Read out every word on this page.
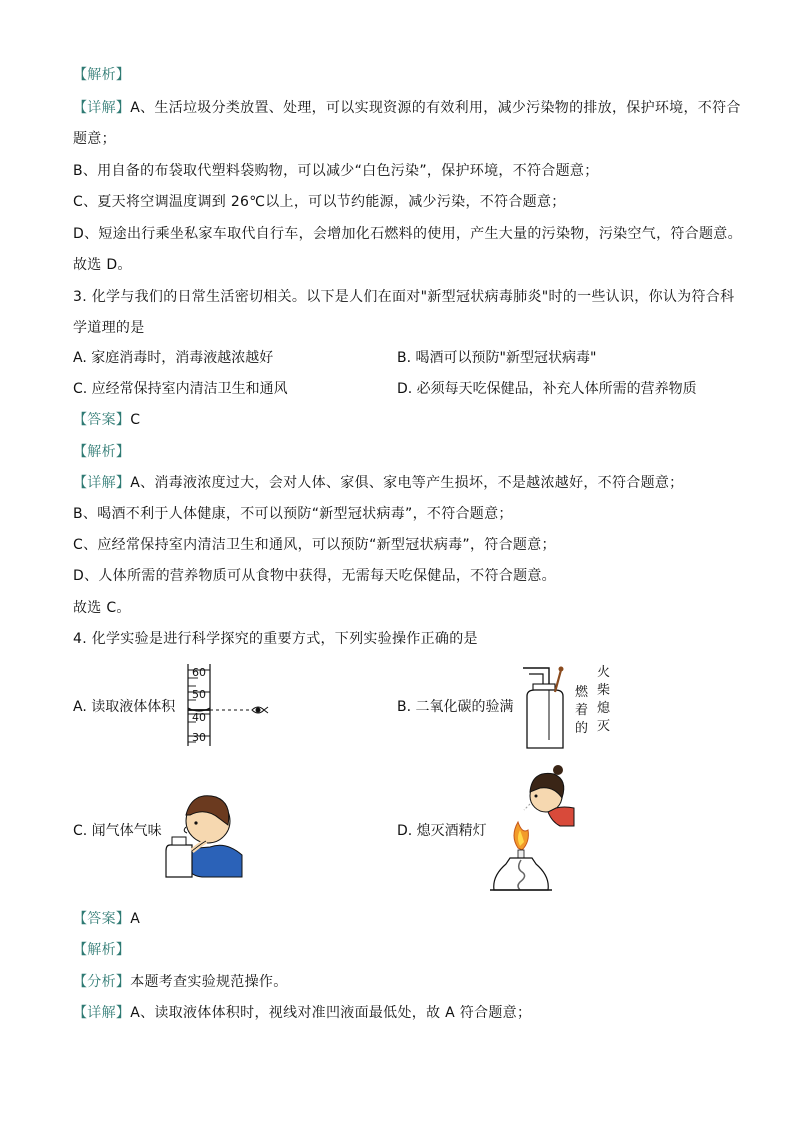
【解析】
【详解】A、生活垃圾分类放置、处理，可以实现资源的有效利用，减少污染物的排放，保护环境，不符合
题意；
B、用自备的布袋取代塑料袋购物，可以减少“白色污染”，保护环境，不符合题意；
C、夏天将空调温度调到 26℃以上，可以节约能源，减少污染，不符合题意；
D、短途出行乘坐私家车取代自行车，会增加化石燃料的使用，产生大量的污染物，污染空气，符合题意。
故选 D。
3. 化学与我们的日常生活密切相关。以下是人们在面对"新型冠状病毒肺炎"时的一些认识，你认为符合科
学道理的是
A. 家庭消毒时，消毒液越浓越好	B. 喝酒可以预防"新型冠状病毒"
C. 应经常保持室内清洁卫生和通风	D. 必须每天吃保健品，补充人体所需的营养物质
【答案】C
【解析】
【详解】A、消毒液浓度过大，会对人体、家俱、家电等产生损坏，不是越浓越好，不符合题意；
B、喝酒不利于人体健康，不可以预防“新型冠状病毒”，不符合题意；
C、应经常保持室内清洁卫生和通风，可以预防“新型冠状病毒”，符合题意；
D、人体所需的营养物质可从食物中获得，无需每天吃保健品，不符合题意。
故选 C。
4. 化学实验是进行科学探究的重要方式，下列实验操作正确的是
A. 读取液体体积
60
50
40
30
B. 二氧化碳的验满
火
柴
熄
灭
燃
着
的
C. 闻气体气味	D. 熄灭酒精灯
【答案】A
【解析】
【分析】本题考查实验规范操作。
【详解】A、读取液体体积时，视线对准凹液面最低处，故 A 符合题意；
